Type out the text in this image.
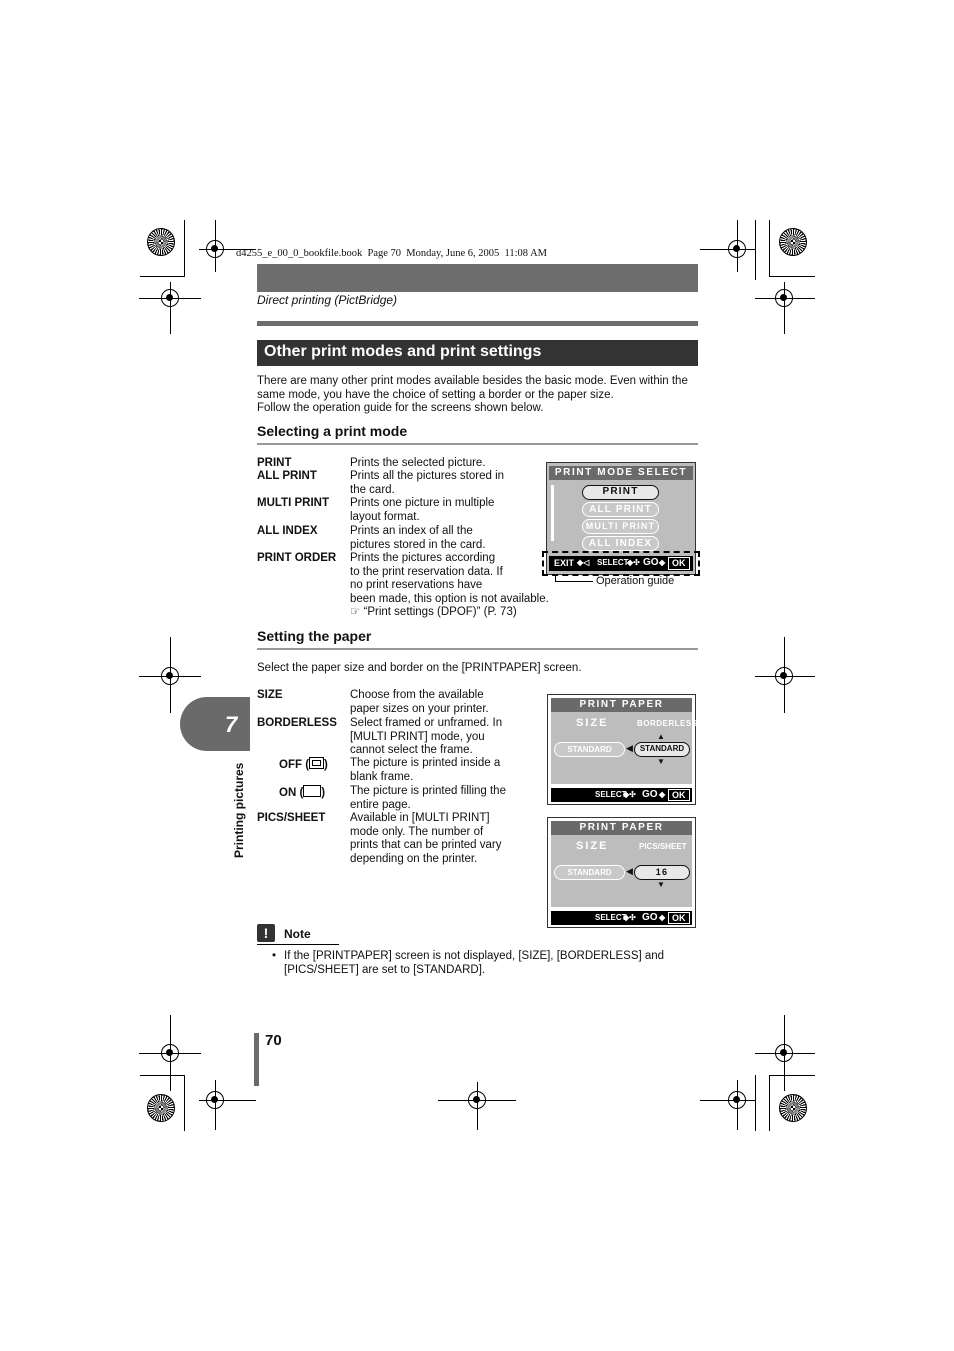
d4255_e_00_0_bookfile.book  Page 70  Monday, June 6, 2005  11:08 AM
Direct printing (PictBridge)
Other print modes and print settings
There are many other print modes available besides the basic mode. Even within the
same mode, you have the choice of setting a border or the paper size.
Follow the operation guide for the screens shown below.
Selecting a print mode
PRINT	Prints the selected picture.
ALL PRINT	Prints all the pictures stored in
the card.
MULTI PRINT Prints one picture in multiple
layout format.
ALL INDEX	Prints an index of all the
pictures stored in the card.
PRINT ORDER Prints the pictures according
to the print reservation data. If
no print reservations have
been made, this option is not available.
☞ “Print settings (DPOF)” (P. 73)
PRINT MODE SELECT
PRINT
ALL PRINT
MULTI PRINT
ALL INDEX
EXIT ◆◁ SELECT
◆✣ GO ◆ OK
Operation guide
Setting the paper
Select the paper size and border on the [PRINTPAPER] screen.
SIZE	Choose from the available
paper sizes on your printer.
BORDERLESS Select framed or unframed. In
[MULTI PRINT] mode, you
cannot select the frame.
OFF ( ) The picture is printed inside a
blank frame.
ON ( ) The picture is printed filling the
entire page.
PICS/SHEET Available in [MULTI PRINT]
mode only. The number of
prints that can be printed vary
depending on the printer.
PRINT PAPER
SIZE	BORDERLESS
▲
STANDARD	◀ STANDARD
▼
SELECT
◆✣ GO ◆ OK
PRINT PAPER
SIZE	PICS/SHEET
STANDARD	◀	16
▼
SELECT
◆✣ GO ◆ OK
!	Note
• If the [PRINTPAPER] screen is not displayed, [SIZE], [BORDERLESS] and
[PICS/SHEET] are set to [STANDARD].
7
Printing pictures
70
